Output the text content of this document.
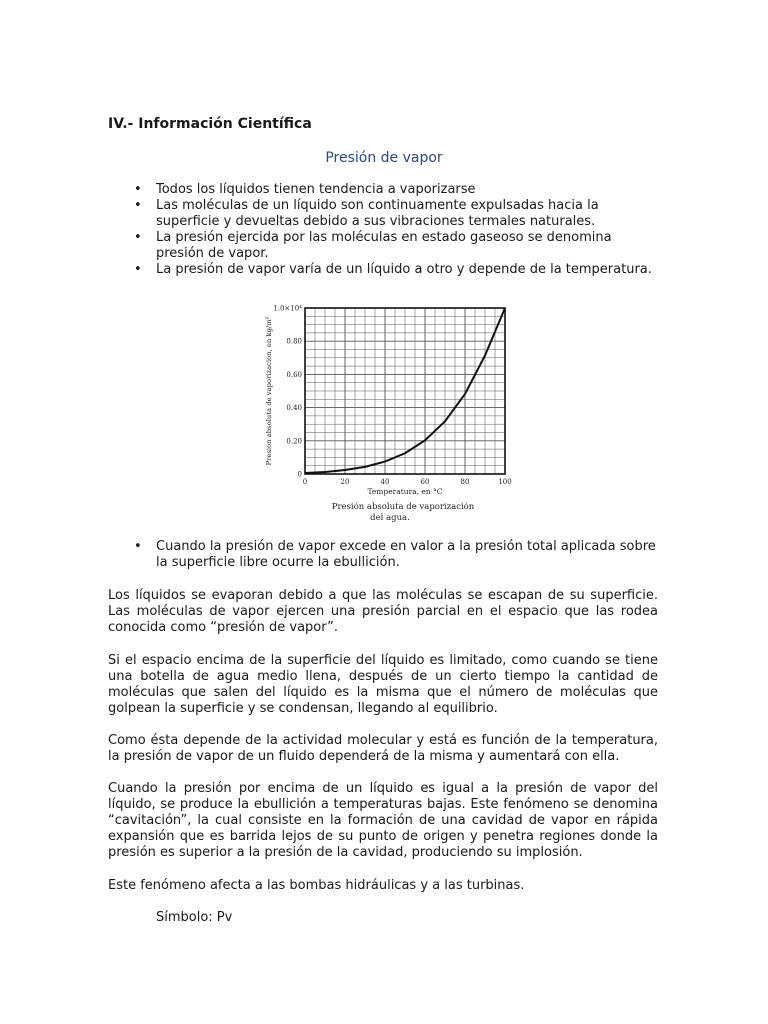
IV.- Información Científica
Presión de vapor
• Todos los líquidos tienen tendencia a vaporizarse
• Las moléculas de un líquido son continuamente expulsadas hacia la superficie y devueltas debido a sus vibraciones termales naturales.
• La presión ejercida por las moléculas en estado gaseoso se denomina presión de vapor.
• La presión de vapor varía de un líquido a otro y depende de la temperatura.
0	20	40	60	80	100
0
0.20
0.40
0.60
0.80
1.0×10⁴
Temperatura, en °C
Presión absoluta de vaporización, en kg/m²
Presión absoluta de vaporización
del agua.
• Cuando la presión de vapor excede en valor a la presión total aplicada sobre la superficie libre ocurre la ebullición.

Los líquidos se evaporan debido a que las moléculas se escapan de su superficie. Las moléculas de vapor ejercen una presión parcial en el espacio que las rodea conocida como “presión de vapor”.

Si el espacio encima de la superficie del líquido es limitado, como cuando se tiene una botella de agua medio llena, después de un cierto tiempo la cantidad de moléculas que salen del líquido es la misma que el número de moléculas que golpean la superficie y se condensan, llegando al equilibrio.

Como ésta depende de la actividad molecular y está es función de la temperatura, la presión de vapor de un fluido dependerá de la misma y aumentará con ella.

Cuando la presión por encima de un líquido es igual a la presión de vapor del líquido, se produce la ebullición a temperaturas bajas. Este fenómeno se denomina “cavitación”, la cual consiste en la formación de una cavidad de vapor en rápida expansión que es barrida lejos de su punto de origen y penetra regiones donde la presión es superior a la presión de la cavidad, produciendo su implosión.

Este fenómeno afecta a las bombas hidráulicas y a las turbinas.

Símbolo: Pv
